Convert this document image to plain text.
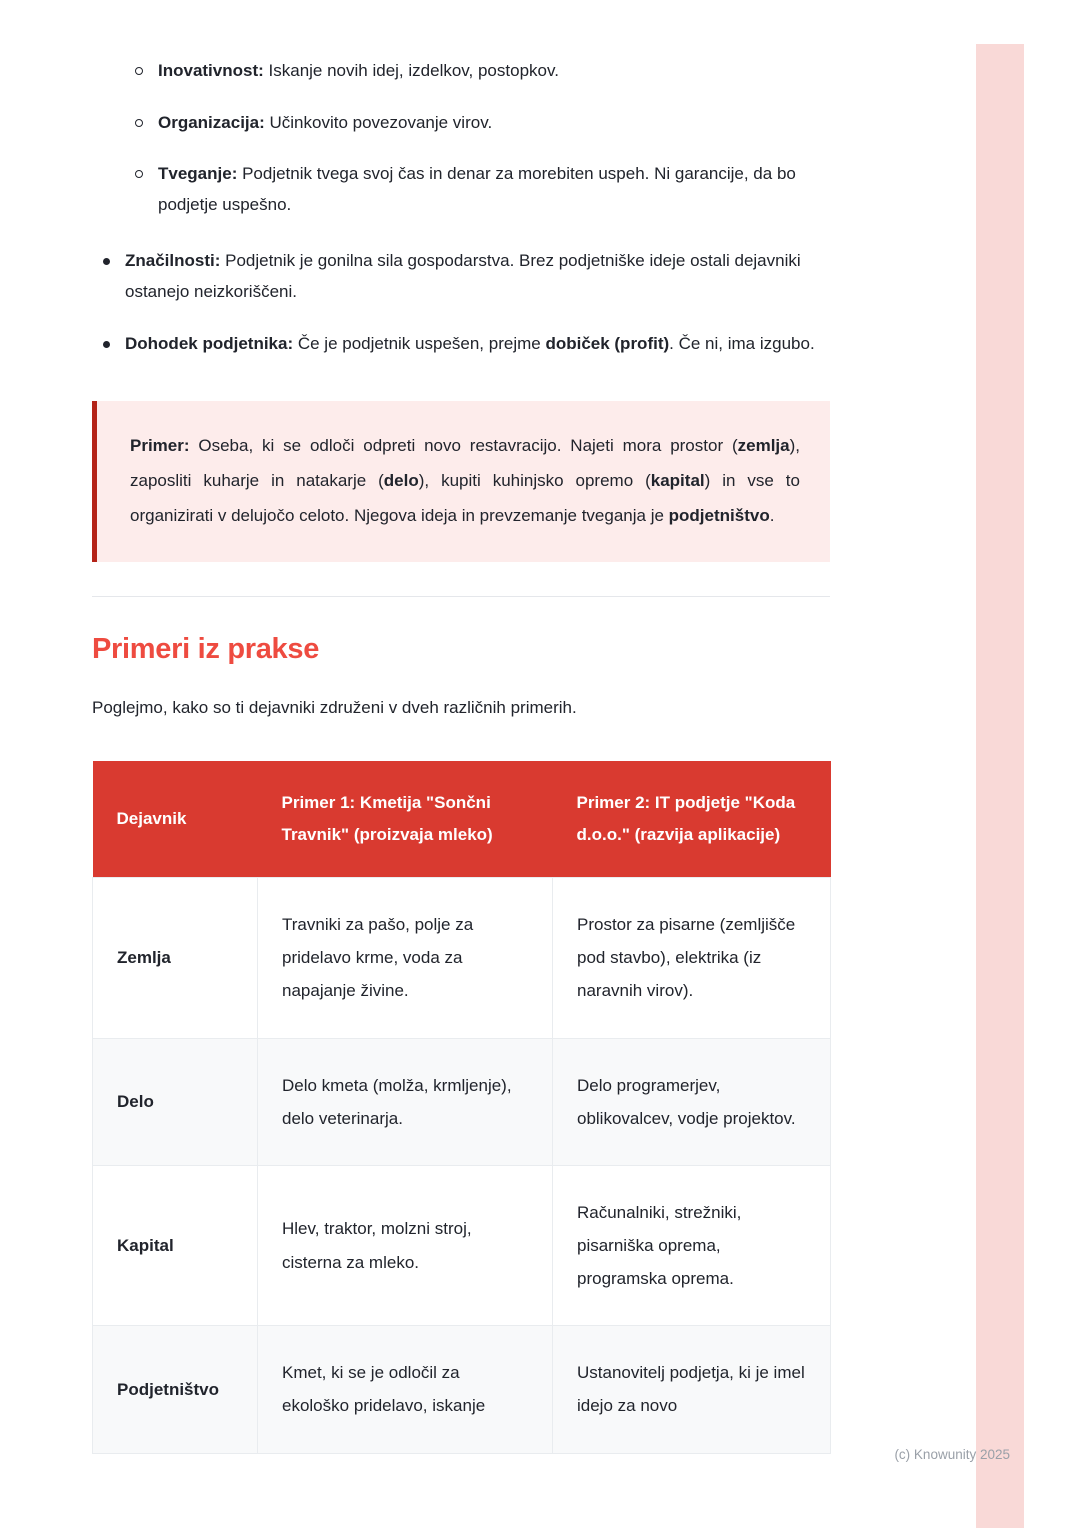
Inovativnost: Iskanje novih idej, izdelkov, postopkov.
Organizacija: Učinkovito povezovanje virov.
Tveganje: Podjetnik tvega svoj čas in denar za morebiten uspeh. Ni garancije, da bo podjetje uspešno.
Značilnosti: Podjetnik je gonilna sila gospodarstva. Brez podjetniške ideje ostali dejavniki ostanejo neizkoriščeni.
Dohodek podjetnika: Če je podjetnik uspešen, prejme dobiček (profit). Če ni, ima izgubo.

Primer: Oseba, ki se odloči odpreti novo restavracijo. Najeti mora prostor (zemlja), zaposliti kuharje in natakarje (delo), kupiti kuhinjsko opremo (kapital) in vse to organizirati v delujočo celoto. Njegova ideja in prevzemanje tveganja je podjetništvo.

Primeri iz prakse

Poglejmo, kako so ti dejavniki združeni v dveh različnih primerih.

Dejavnik	Primer 1: Kmetija "Sončni Travnik" (proizvaja mleko)	Primer 2: IT podjetje "Koda d.o.o." (razvija aplikacije)
Zemlja	Travniki za pašo, polje za pridelavo krme, voda za napajanje živine.	Prostor za pisarne (zemljišče pod stavbo), elektrika (iz naravnih virov).
Delo	Delo kmeta (molža, krmljenje), delo veterinarja.	Delo programerjev, oblikovalcev, vodje projektov.
Kapital	Hlev, traktor, molzni stroj, cisterna za mleko.	Računalniki, strežniki, pisarniška oprema, programska oprema.
Podjetništvo	Kmet, ki se je odločil za ekološko pridelavo, iskanje	Ustanovitelj podjetja, ki je imel idejo za novo
(c) Knowunity 2025
